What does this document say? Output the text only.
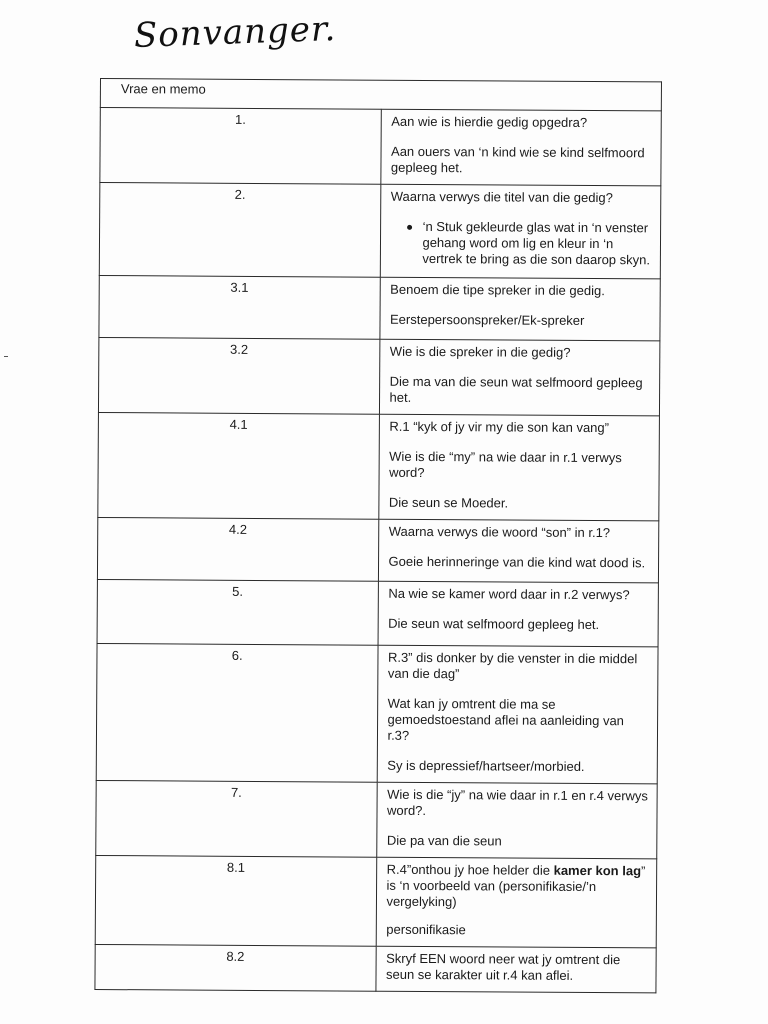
Sonvanger.
Vrae en memo	
1.	Aan wie is hierdie gedig opgedra?
Aan ouers van ‘n kind wie se kind selfmoord gepleeg het.

2.	Waarna verwys die titel van die gedig?
‘n Stuk gekleurde glas wat in ‘n venster gehang word om lig en kleur in ‘n vertrek te bring as die son daarop skyn.

3.1	Benoem die tipe spreker in die gedig.
Eerstepersoonspreker/Ek-spreker

3.2	Wie is die spreker in die gedig?
Die ma van die seun wat selfmoord gepleeg het.

4.1	R.1 “kyk of jy vir my die son kan vang”
Wie is die “my” na wie daar in r.1 verwys word?
Die seun se Moeder.

4.2	Waarna verwys die woord “son” in r.1?
Goeie herinneringe van die kind wat dood is.

5.	Na wie se kamer word daar in r.2 verwys?
Die seun wat selfmoord gepleeg het.

6.	R.3” dis donker by die venster in die middel van die dag”
Wat kan jy omtrent die ma se gemoedstoestand aflei na aanleiding van r.3?
Sy is depressief/hartseer/morbied.

7.	Wie is die “jy” na wie daar in r.1 en r.4 verwys word?.
Die pa van die seun

8.1	R.4”onthou jy hoe helder die kamer kon lag” is ‘n voorbeeld van (personifikasie/’n vergelyking)
personifikasie

8.2	Skryf EEN woord neer wat jy omtrent die seun se karakter uit r.4 kan aflei.
